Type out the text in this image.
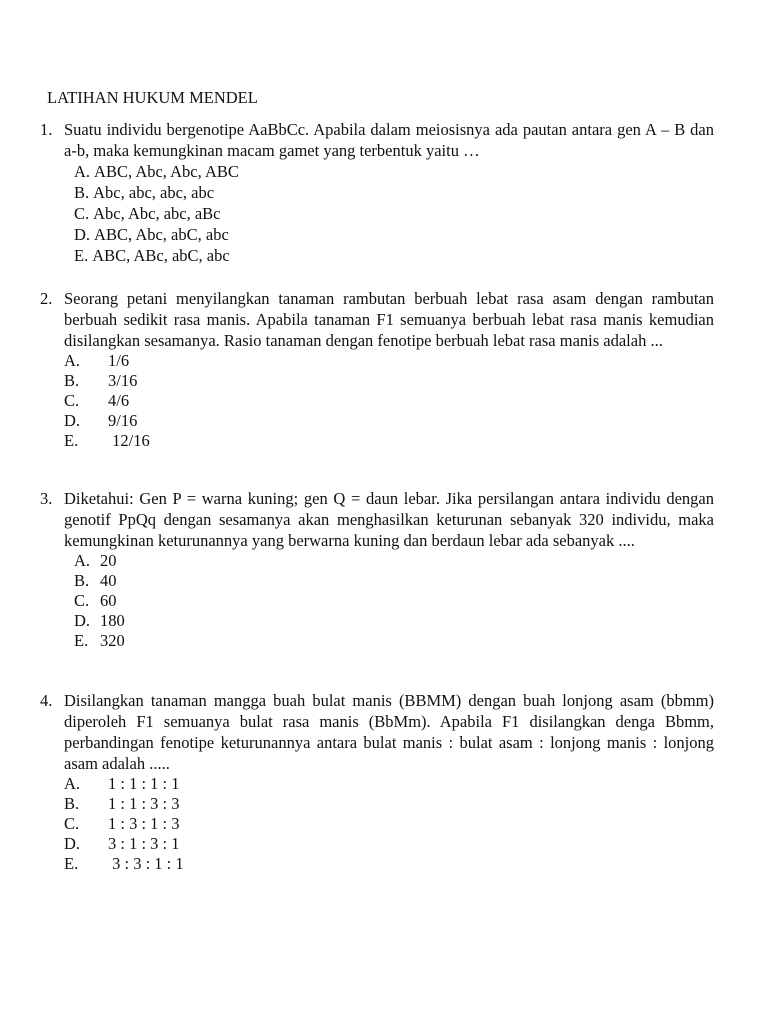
LATIHAN HUKUM MENDEL
1. Suatu individu bergenotipe AaBbCc. Apabila dalam meiosisnya ada pautan antara gen A – B dan a-b, maka kemungkinan macam gamet yang terbentuk yaitu …
A. ABC, Abc, Abc, ABC
B. Abc, abc, abc, abc
C. Abc, Abc, abc, aBc
D. ABC, Abc, abC, abc
E. ABC, ABc, abC, abc
2. Seorang petani menyilangkan tanaman rambutan berbuah lebat rasa asam dengan rambutan berbuah sedikit rasa manis. Apabila tanaman F1 semuanya berbuah lebat rasa manis kemudian disilangkan sesamanya. Rasio tanaman dengan fenotipe berbuah lebat rasa manis adalah ...
A.	1/6
B.	3/16
C.	4/6
D.	9/16
E.	12/16
3. Diketahui: Gen P = warna kuning; gen Q = daun lebar. Jika persilangan antara individu dengan genotif PpQq dengan sesamanya akan menghasilkan keturunan sebanyak 320 individu, maka kemungkinan keturunannya yang berwarna kuning dan berdaun lebar ada sebanyak ....
A. 20
B. 40
C. 60
D. 180
E. 320
4. Disilangkan tanaman mangga buah bulat manis (BBMM) dengan buah lonjong asam (bbmm) diperoleh F1 semuanya bulat rasa manis (BbMm). Apabila F1 disilangkan denga Bbmm, perbandingan fenotipe keturunannya antara bulat manis : bulat asam : lonjong manis : lonjong asam adalah .....
A.	1 : 1 : 1 : 1
B.	1 : 1 : 3 : 3
C.	1 : 3 : 1 : 3
D.	3 : 1 : 3 : 1
E.	3 : 3 : 1 : 1
